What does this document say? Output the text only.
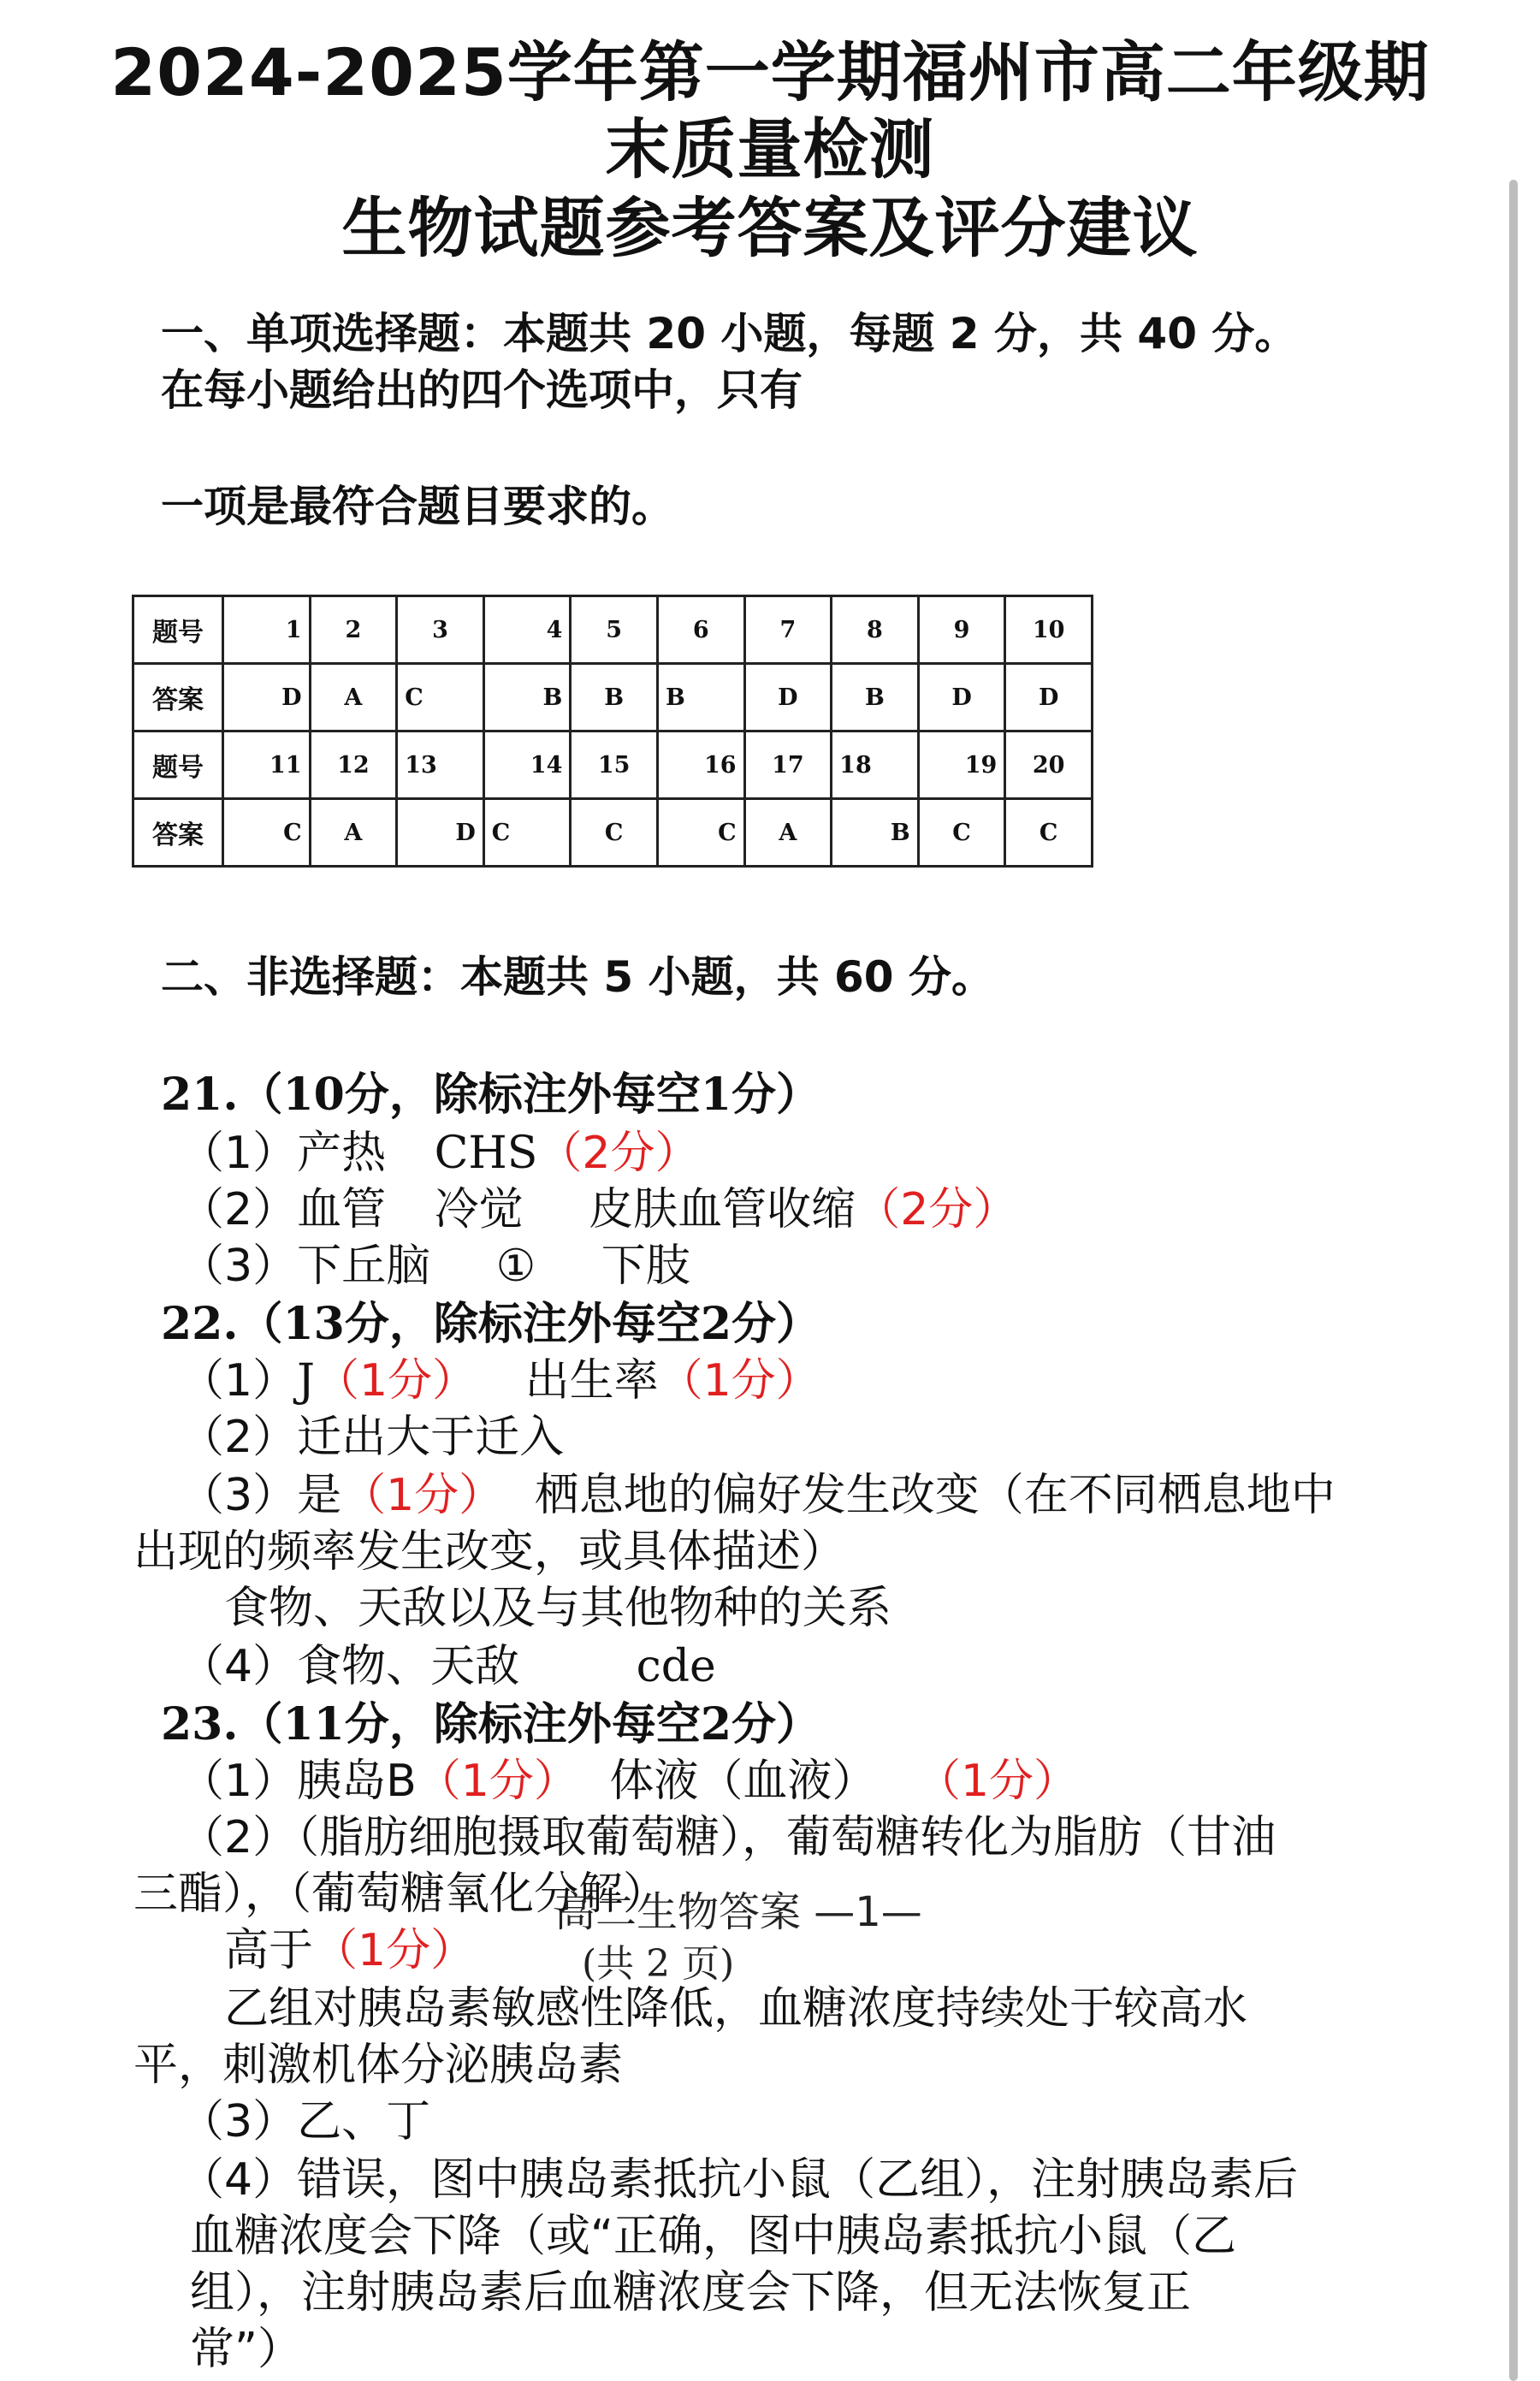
2024-2025学年第一学期福州市高二年级期
末质量检测
生物试题参考答案及评分建议
一、单项选择题：本题共 20 小题，每题 2 分，共 40 分。
在每小题给出的四个选项中，只有
一项是最符合题目要求的。
题号	1	2	3	4	5	6	7	8	9	10
答案	D	A	C	B	B	B	D	B	D	D
题号	11	12	13	14	15	16	17	18	19	20
答案	C	A	D	C	C	C	A	B	C	C
二、非选择题：本题共 5 小题，共 60 分。
21.（10分，除标注外每空1分）
（1）产热 CHS（2分）
（2）血管 冷觉 皮肤血管收缩（2分）
（3）下丘脑 ① 下肢
22.（13分，除标注外每空2分）
（1）J（1分） 出生率（1分）
（2）迁出大于迁入
（3）是（1分） 栖息地的偏好发生改变（在不同栖息地中
出现的频率发生改变，或具体描述）
食物、天敌以及与其他物种的关系
（4）食物、天敌	cde
23.（11分，除标注外每空2分）
（1）胰岛B（1分） 体液（血液） （1分）
（2）（脂肪细胞摄取葡萄糖），葡萄糖转化为脂肪（甘油
三酯），（葡萄糖氧化分解）
高于（1分）
乙组对胰岛素敏感性降低，血糖浓度持续处于较高水
平，刺激机体分泌胰岛素
（3）乙、丁
（4）错误，图中胰岛素抵抗小鼠（乙组），注射胰岛素后
血糖浓度会下降（或“正确，图中胰岛素抵抗小鼠（乙
组），注射胰岛素后血糖浓度会下降，但无法恢复正
常”）
高二生物答案 —1—
(共 2 页)
